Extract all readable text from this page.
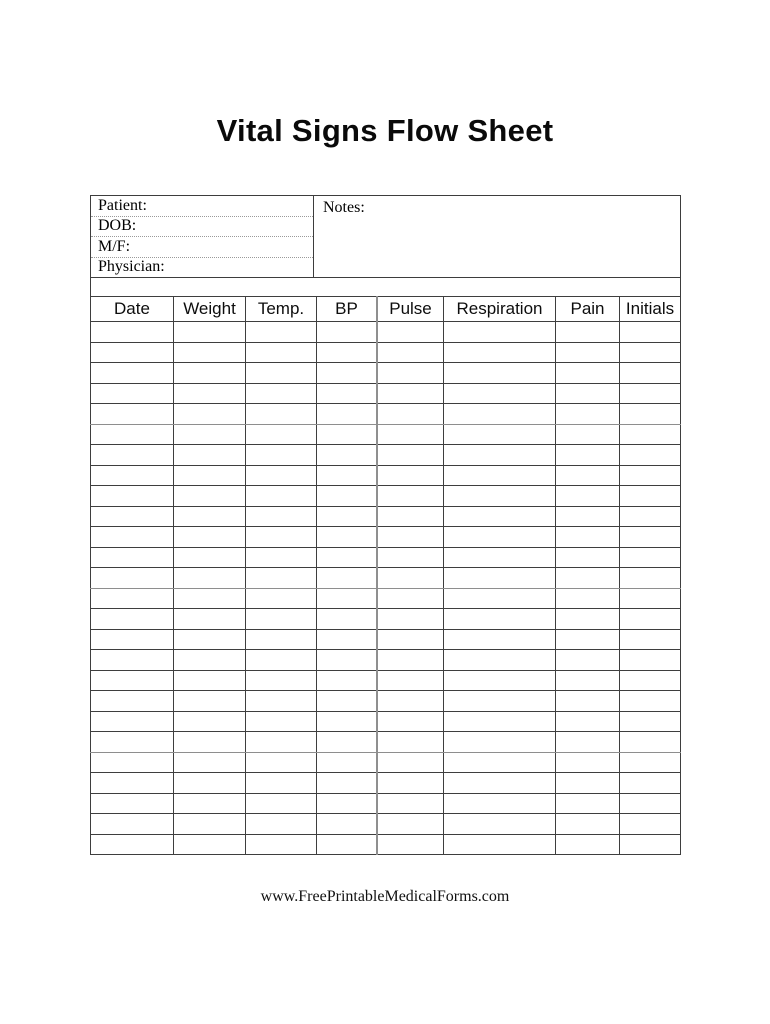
Vital Signs Flow Sheet
Patient:
DOB:
M/F:
Physician:
Notes:
Date	Weight	Temp.	BP	Pulse	Respiration	Pain	Initials

www.FreePrintableMedicalForms.com
